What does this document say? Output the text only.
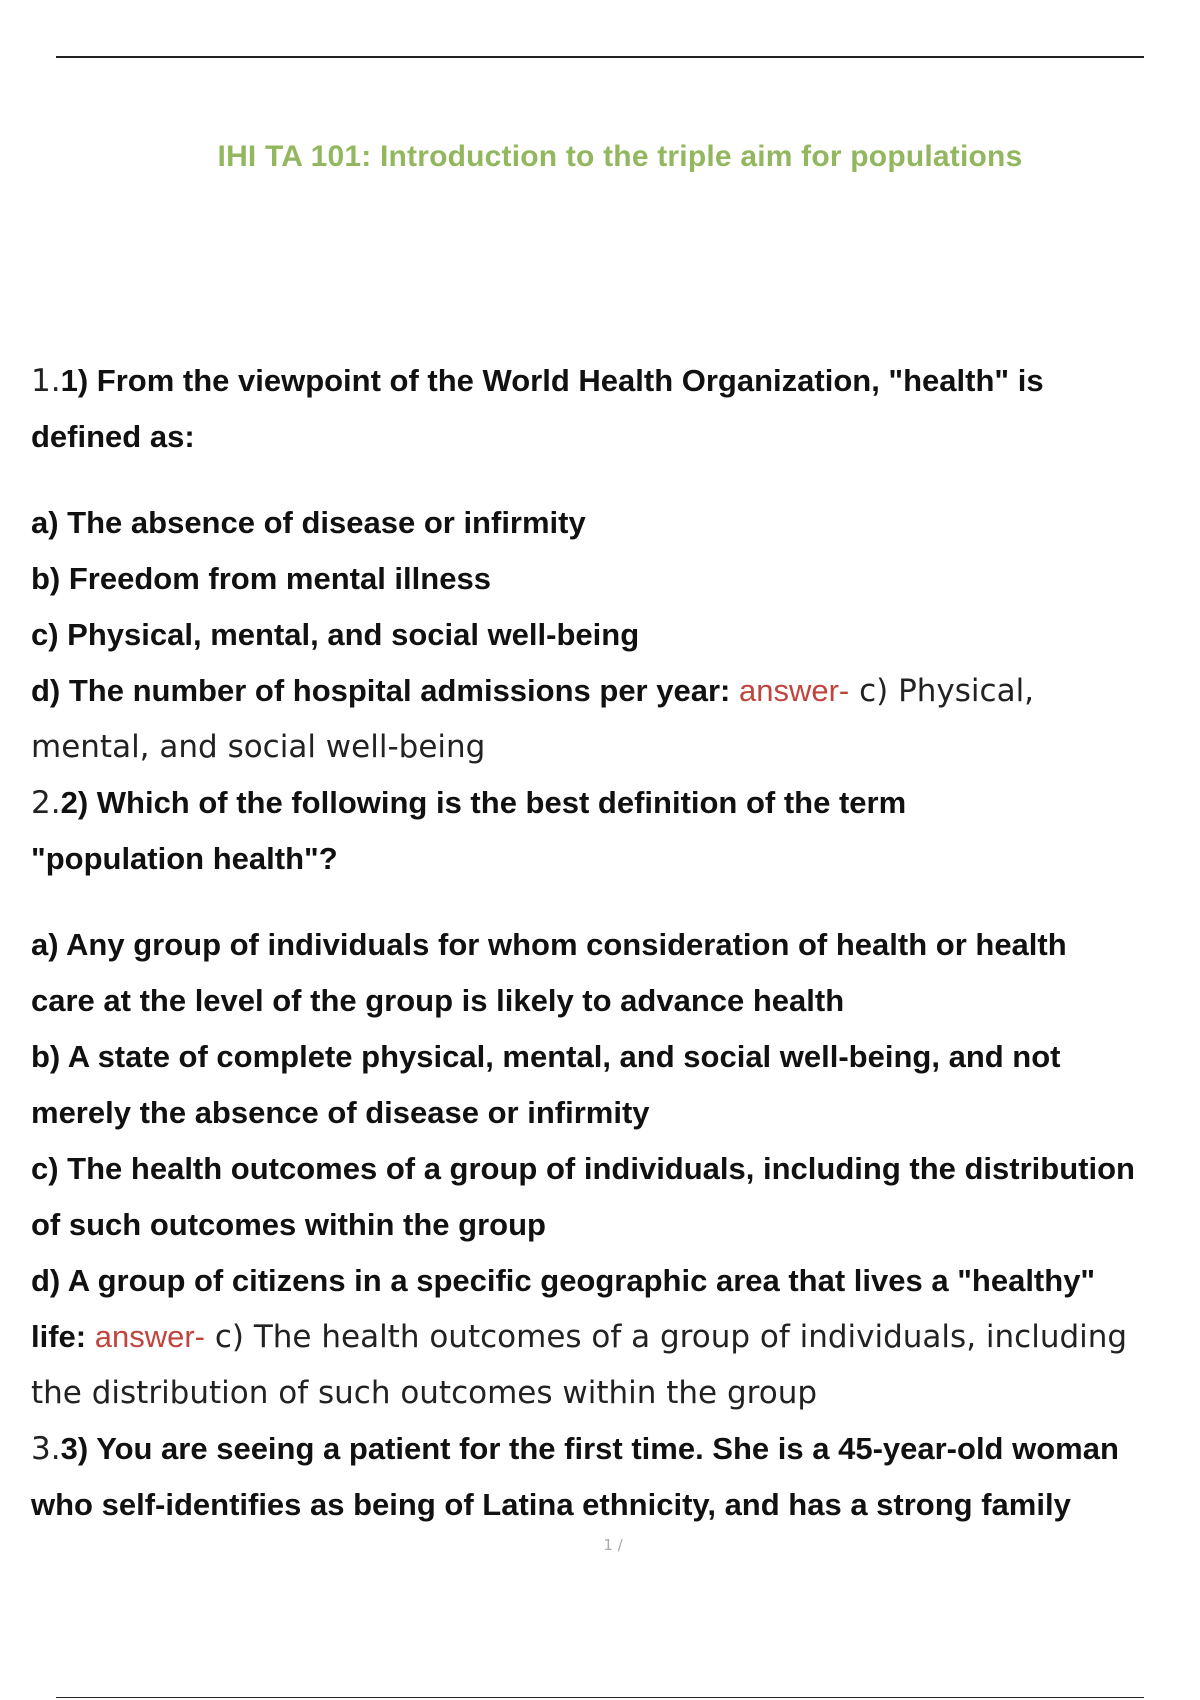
IHI TA 101: Introduction to the triple aim for populations
1.1) From the viewpoint of the World Health Organization, "health" is
defined as:
a) The absence of disease or infirmity
b) Freedom from mental illness
c) Physical, mental, and social well-being
d) The number of hospital admissions per year: answer- c) Physical,
mental, and social well-being
2.2) Which of the following is the best definition of the term
"population health"?
a) Any group of individuals for whom consideration of health or health
care at the level of the group is likely to advance health
b) A state of complete physical, mental, and social well-being, and not
merely the absence of disease or infirmity
c) The health outcomes of a group of individuals, including the distribution
of such outcomes within the group
d) A group of citizens in a specific geographic area that lives a "healthy"
life: answer- c) The health outcomes of a group of individuals, including
the distribution of such outcomes within the group
3.3) You are seeing a patient for the first time. She is a 45-year-old woman
who self-identifies as being of Latina ethnicity, and has a strong family
1 /
